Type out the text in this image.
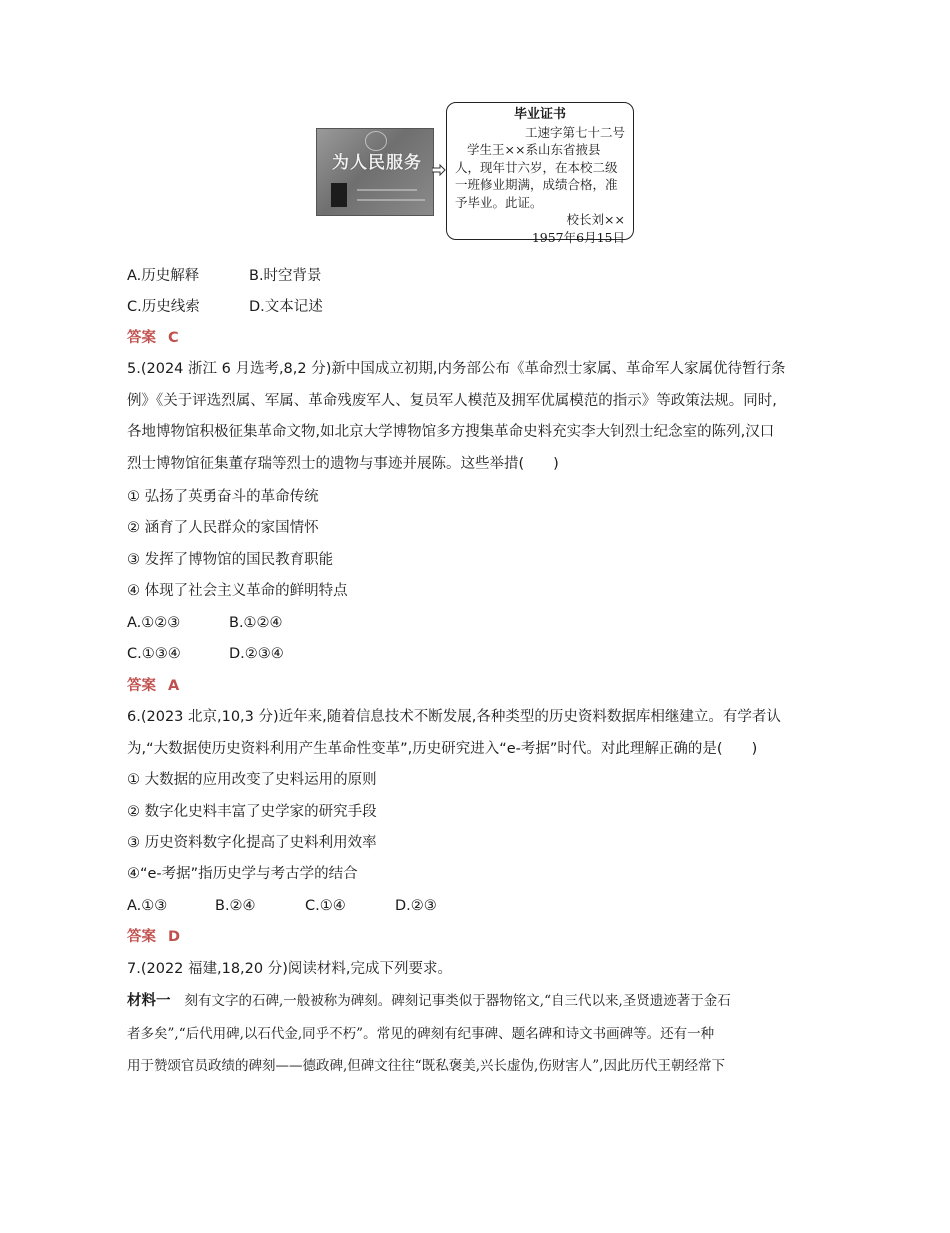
为人民服务
毕业证书
工速字第七十二号
学生王××系山东省掖县
人，现年廿六岁，在本校二级
一班修业期满，成绩合格，准
予毕业。此证。
校长刘××
1957年6月15日
A.历史解释	B.时空背景
C.历史线索	D.文本记述
答案 C
5.(2024 浙江 6 月选考,8,2 分)新中国成立初期,内务部公布《革命烈士家属、革命军人家属优待暂行条
例》《关于评选烈属、军属、革命残废军人、复员军人模范及拥军优属模范的指示》等政策法规。同时,
各地博物馆积极征集革命文物,如北京大学博物馆多方搜集革命史料充实李大钊烈士纪念室的陈列,汉口
烈士博物馆征集董存瑞等烈士的遗物与事迹并展陈。这些举措(　　)
① 弘扬了英勇奋斗的革命传统
② 涵育了人民群众的家国情怀
③ 发挥了博物馆的国民教育职能
④ 体现了社会主义革命的鲜明特点
A.①②③	B.①②④
C.①③④	D.②③④
答案 A
6.(2023 北京,10,3 分)近年来,随着信息技术不断发展,各种类型的历史资料数据库相继建立。有学者认
为,“大数据使历史资料利用产生革命性变革”,历史研究进入“e-考据”时代。对此理解正确的是(　　)
① 大数据的应用改变了史料运用的原则
② 数字化史料丰富了史学家的研究手段
③ 历史资料数字化提高了史料利用效率
④“e-考据”指历史学与考古学的结合
A.①③	B.②④	C.①④	D.②③
答案 D
7.(2022 福建,18,20 分)阅读材料,完成下列要求。
材料一 刻有文字的石碑,一般被称为碑刻。碑刻记事类似于器物铭文,“自三代以来,圣贤遗迹著于金石
者多矣”,“后代用碑,以石代金,同乎不朽”。常见的碑刻有纪事碑、题名碑和诗文书画碑等。还有一种
用于赞颂官员政绩的碑刻——德政碑,但碑文往往“既私褒美,兴长虚伪,伤财害人”,因此历代王朝经常下
